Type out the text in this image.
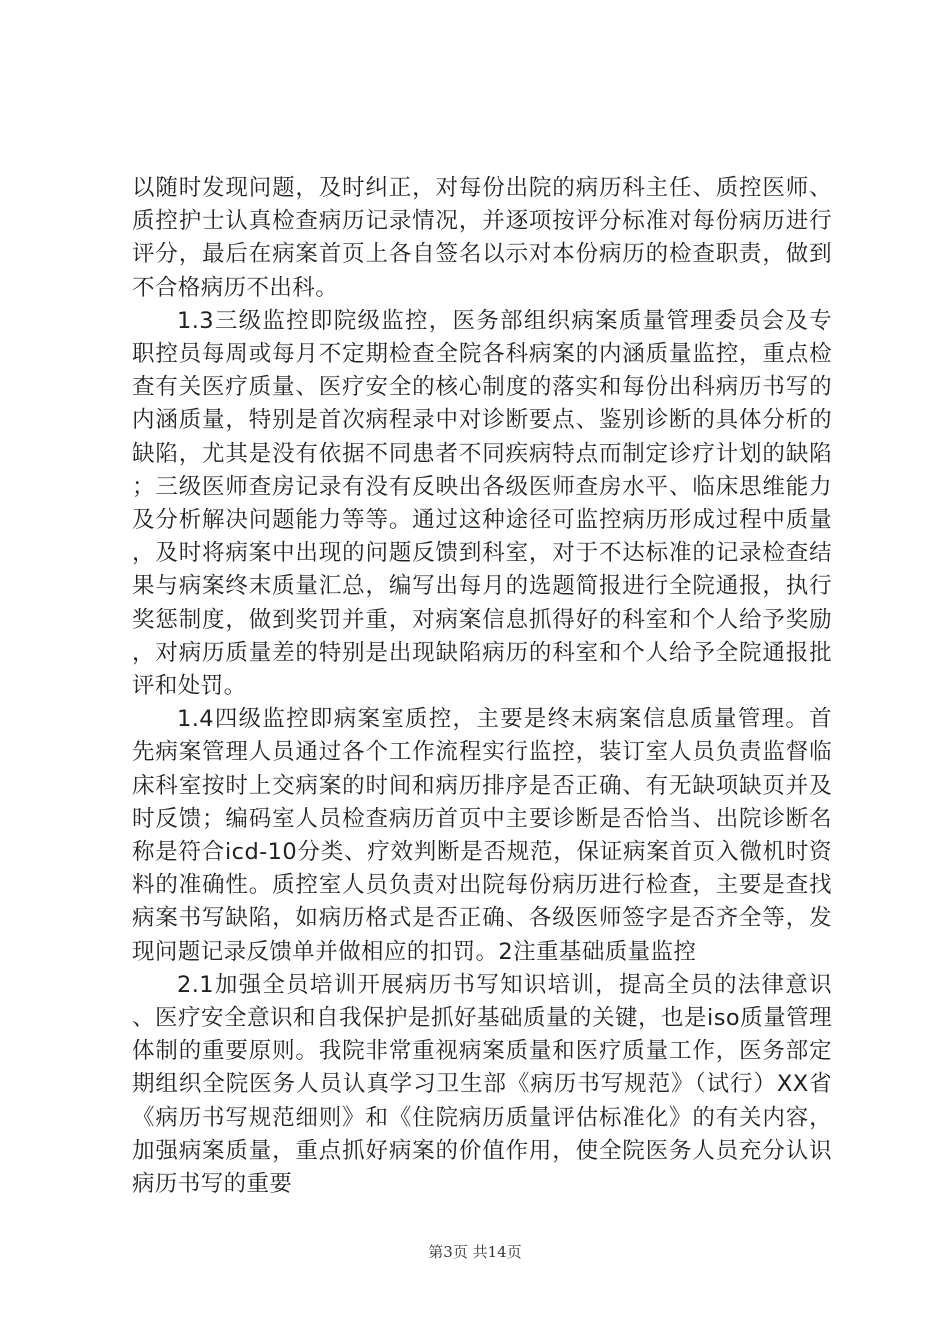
以随时发现问题，及时纠正，对每份出院的病历科主任、质控医师、质控护士认真检查病历记录情况，并逐项按评分标准对每份病历进行评分，最后在病案首页上各自签名以示对本份病历的检查职责，做到不合格病历不出科。

1.3三级监控即院级监控，医务部组织病案质量管理委员会及专职控员每周或每月不定期检查全院各科病案的内涵质量监控，重点检查有关医疗质量、医疗安全的核心制度的落实和每份出科病历书写的内涵质量，特别是首次病程录中对诊断要点、鉴别诊断的具体分析的缺陷，尤其是没有依据不同患者不同疾病特点而制定诊疗计划的缺陷；三级医师查房记录有没有反映出各级医师查房水平、临床思维能力及分析解决问题能力等等。通过这种途径可监控病历形成过程中质量，及时将病案中出现的问题反馈到科室，对于不达标准的记录检查结果与病案终末质量汇总，编写出每月的选题简报进行全院通报，执行奖惩制度，做到奖罚并重，对病案信息抓得好的科室和个人给予奖励，对病历质量差的特别是出现缺陷病历的科室和个人给予全院通报批评和处罚。

1.4四级监控即病案室质控，主要是终末病案信息质量管理。首先病案管理人员通过各个工作流程实行监控，装订室人员负责监督临床科室按时上交病案的时间和病历排序是否正确、有无缺项缺页并及时反馈；编码室人员检查病历首页中主要诊断是否恰当、出院诊断名称是符合icd-10分类、疗效判断是否规范，保证病案首页入微机时资料的准确性。质控室人员负责对出院每份病历进行检查，主要是查找病案书写缺陷，如病历格式是否正确、各级医师签字是否齐全等，发现问题记录反馈单并做相应的扣罚。2注重基础质量监控

2.1加强全员培训开展病历书写知识培训，提高全员的法律意识、医疗安全意识和自我保护是抓好基础质量的关键，也是iso质量管理体制的重要原则。我院非常重视病案质量和医疗质量工作，医务部定期组织全院医务人员认真学习卫生部《病历书写规范》（试行）XX省《病历书写规范细则》和《住院病历质量评估标准化》的有关内容，加强病案质量，重点抓好病案的价值作用，使全院医务人员充分认识病历书写的重要

第3页 共14页
